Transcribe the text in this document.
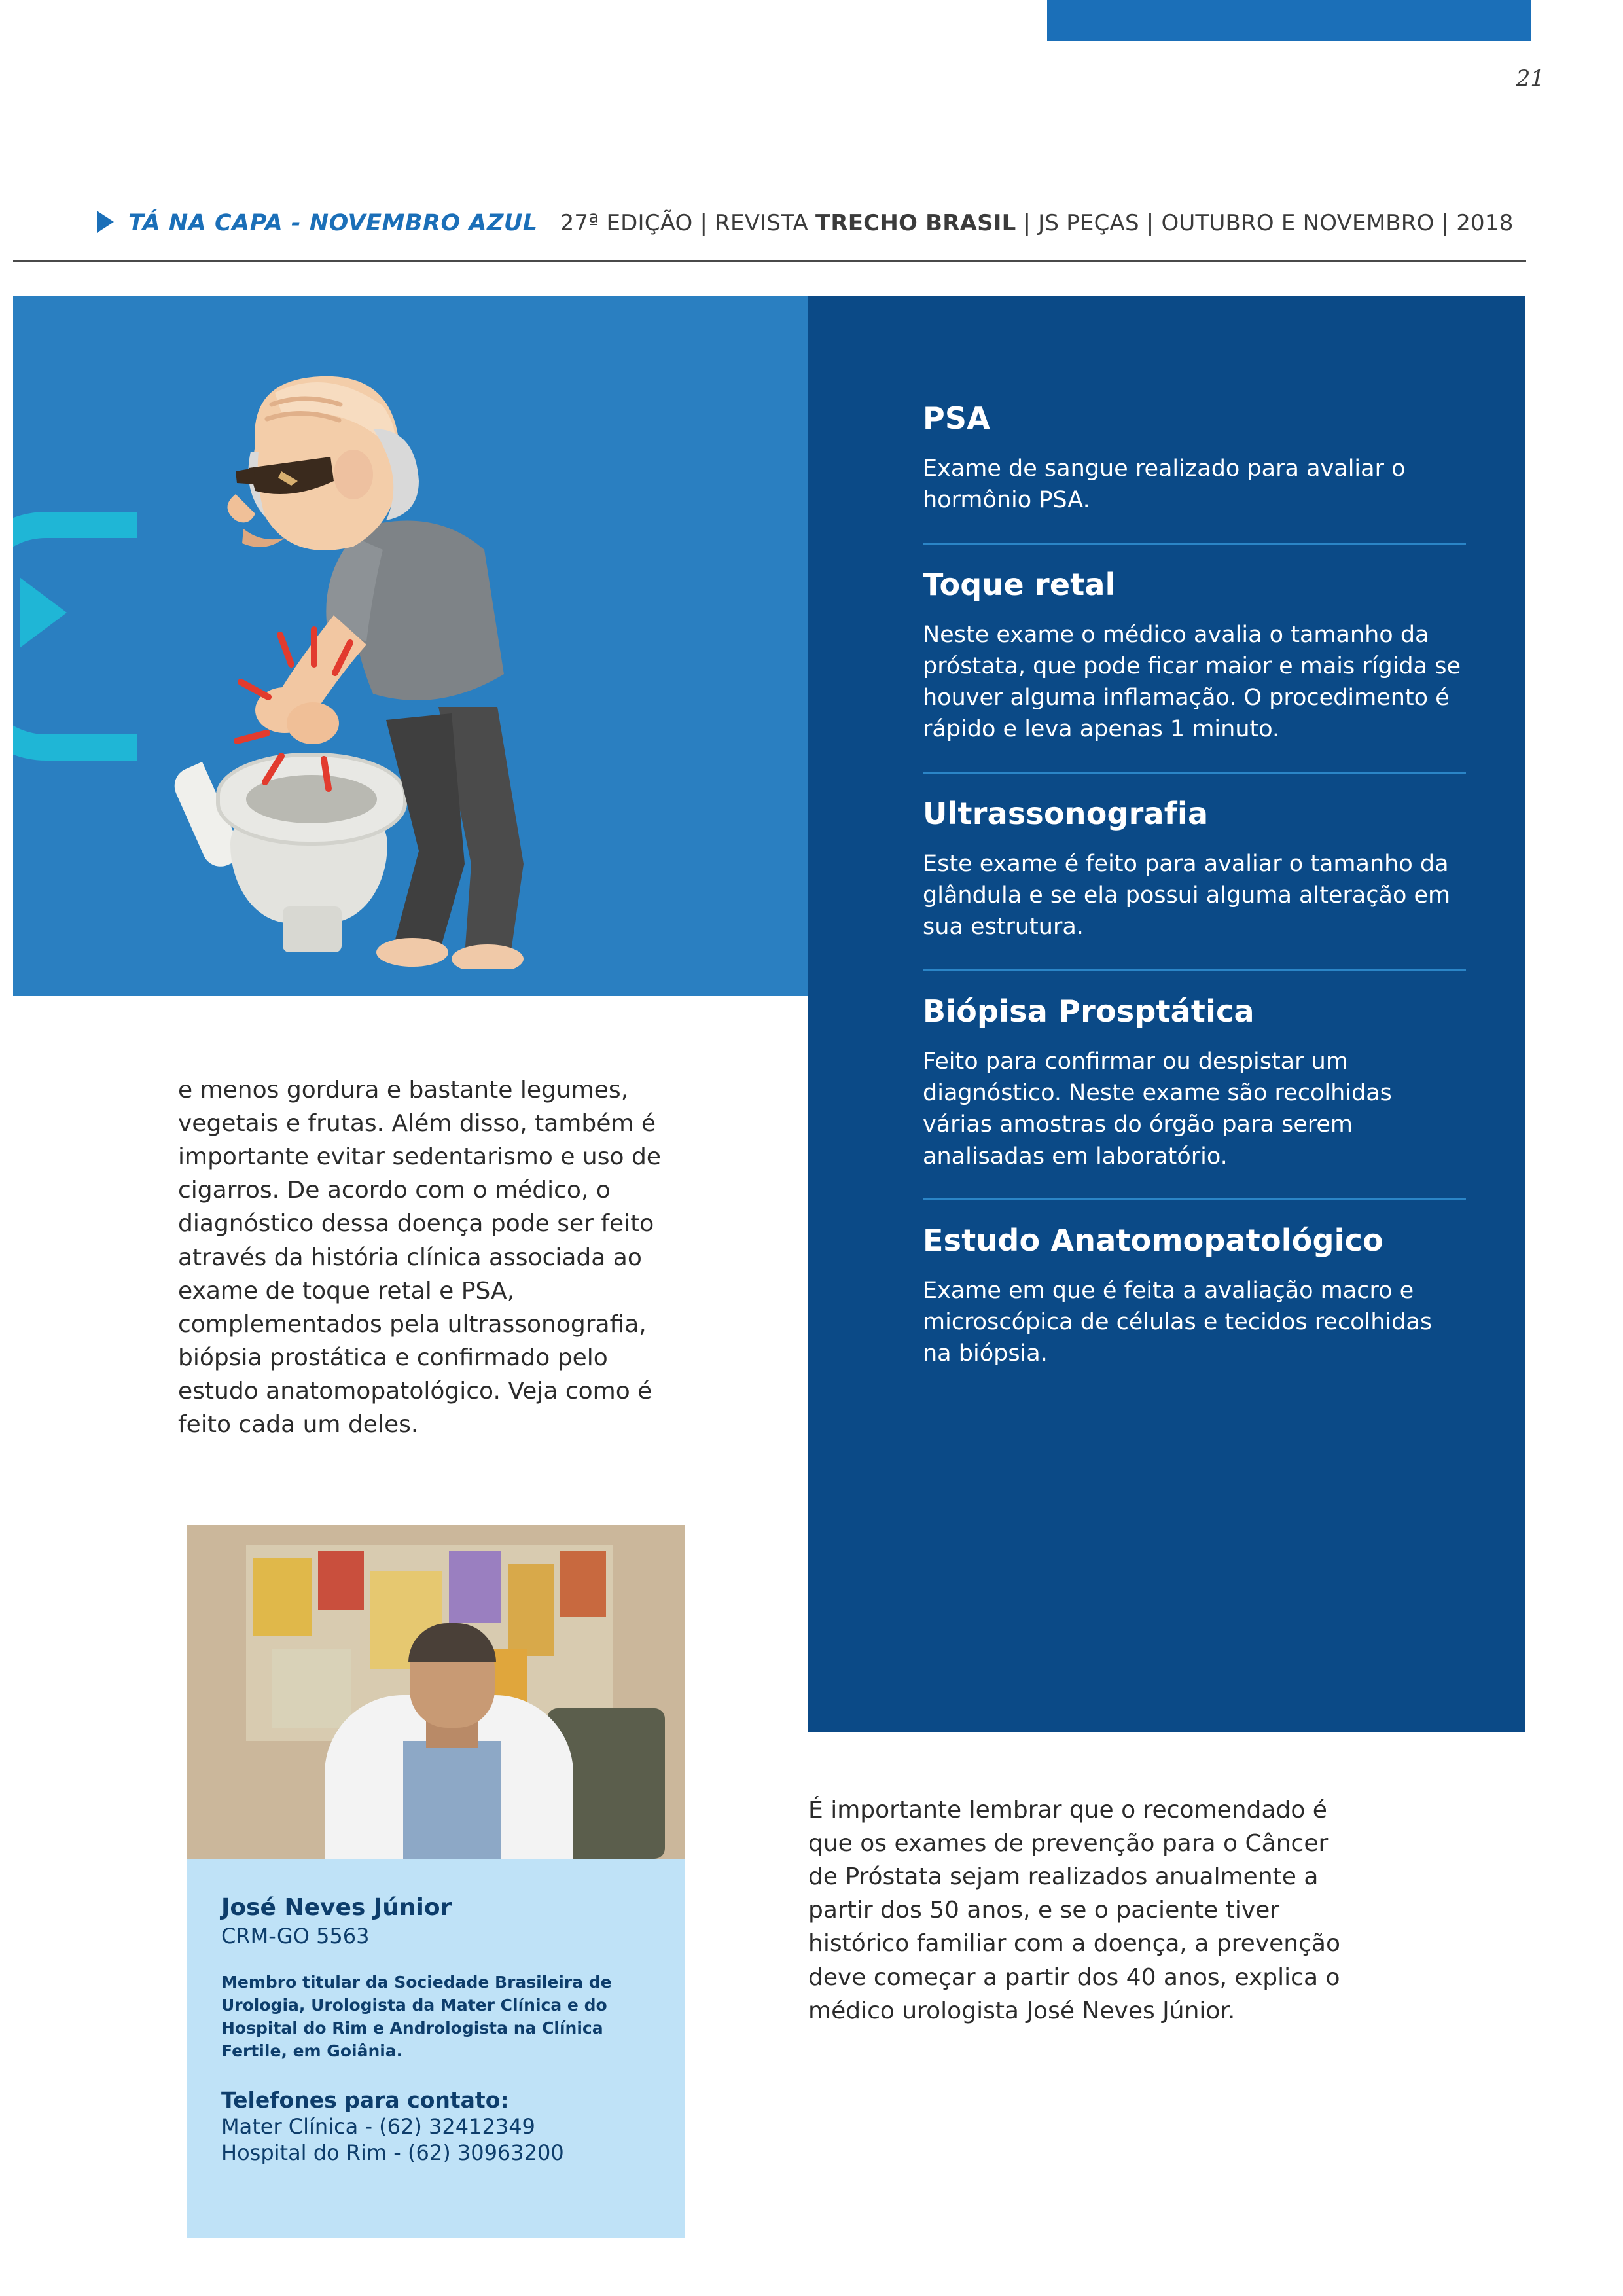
21
TÁ NA CAPA - NOVEMBRO AZUL 27ª EDIÇÃO | REVISTA TRECHO BRASIL | JS PEÇAS | OUTUBRO E NOVEMBRO | 2018
PSA

Exame de sangue realizado para avaliar o hormônio PSA.

Toque retal

Neste exame o médico avalia o tamanho da próstata, que pode ficar maior e mais rígida se houver alguma inflamação. O procedimento é rápido e leva apenas 1 minuto.

Ultrassonografia

Este exame é feito para avaliar o tamanho da glândula e se ela possui alguma alteração em sua estrutura.

Biópisa Prosptática

Feito para confirmar ou despistar um diagnóstico. Neste exame são recolhidas várias amostras do órgão para serem analisadas em laboratório.

Estudo Anatomopatológico

Exame em que é feita a avaliação macro e microscópica de células e tecidos recolhidas na biópsia.

e menos gordura e bastante legumes, vegetais e frutas. Além disso, também é importante evitar sedentarismo e uso de cigarros. De acordo com o médico, o diagnóstico dessa doença pode ser feito através da história clínica associada ao exame de toque retal e PSA, complementados pela ultrassonografia, biópsia prostática e confirmado pelo estudo anatomopatológico. Veja como é feito cada um deles.

José Neves Júnior

CRM-GO 5563

Membro titular da Sociedade Brasileira de Urologia, Urologista da Mater Clínica e do Hospital do Rim e Andrologista na Clínica Fertile, em Goiânia.

Telefones para contato:

Mater Clínica - (62) 32412349

Hospital do Rim - (62) 30963200

É importante lembrar que o recomendado é que os exames de prevenção para o Câncer de Próstata sejam realizados anualmente a partir dos 50 anos, e se o paciente tiver histórico familiar com a doença, a prevenção deve começar a partir dos 40 anos, explica o médico urologista José Neves Júnior.
